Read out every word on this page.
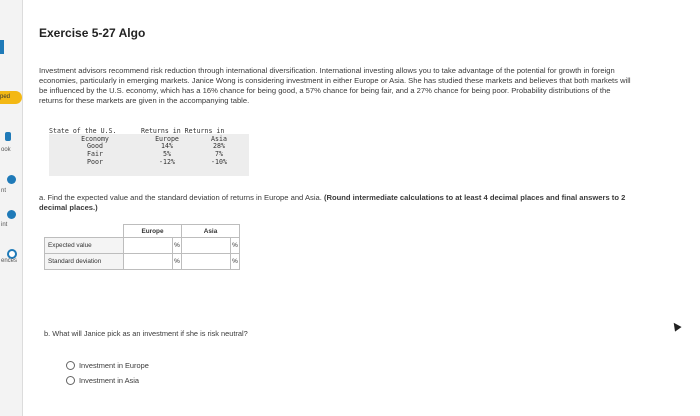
ped
ook
nt
int
ences
Exercise 5-27 Algo
Investment advisors recommend risk reduction through international diversification. International investing allows you to take advantage of the potential for growth in foreign economies, particularly in emerging markets. Janice Wong is considering investment in either Europe or Asia. She has studied these markets and believes that both markets will be influenced by the U.S. economy, which has a 16% chance for being good, a 57% chance for being fair, and a 27% chance for being poor. Probability distributions of the returns for these markets are given in the accompanying table.
State of the U.S.	Returns in Returns in
Economy	Europe	Asia
Good	14%	28%
Fair	5%	7%
Poor	-12%	-10%
a. Find the expected value and the standard deviation of returns in Europe and Asia. (Round intermediate calculations to at least 4 decimal places and final answers to 2 decimal places.)
	Europe		Asia	
Expected value		%		%
Standard deviation		%		%
b. What will Janice pick as an investment if she is risk neutral?
Investment in Europe
Investment in Asia
